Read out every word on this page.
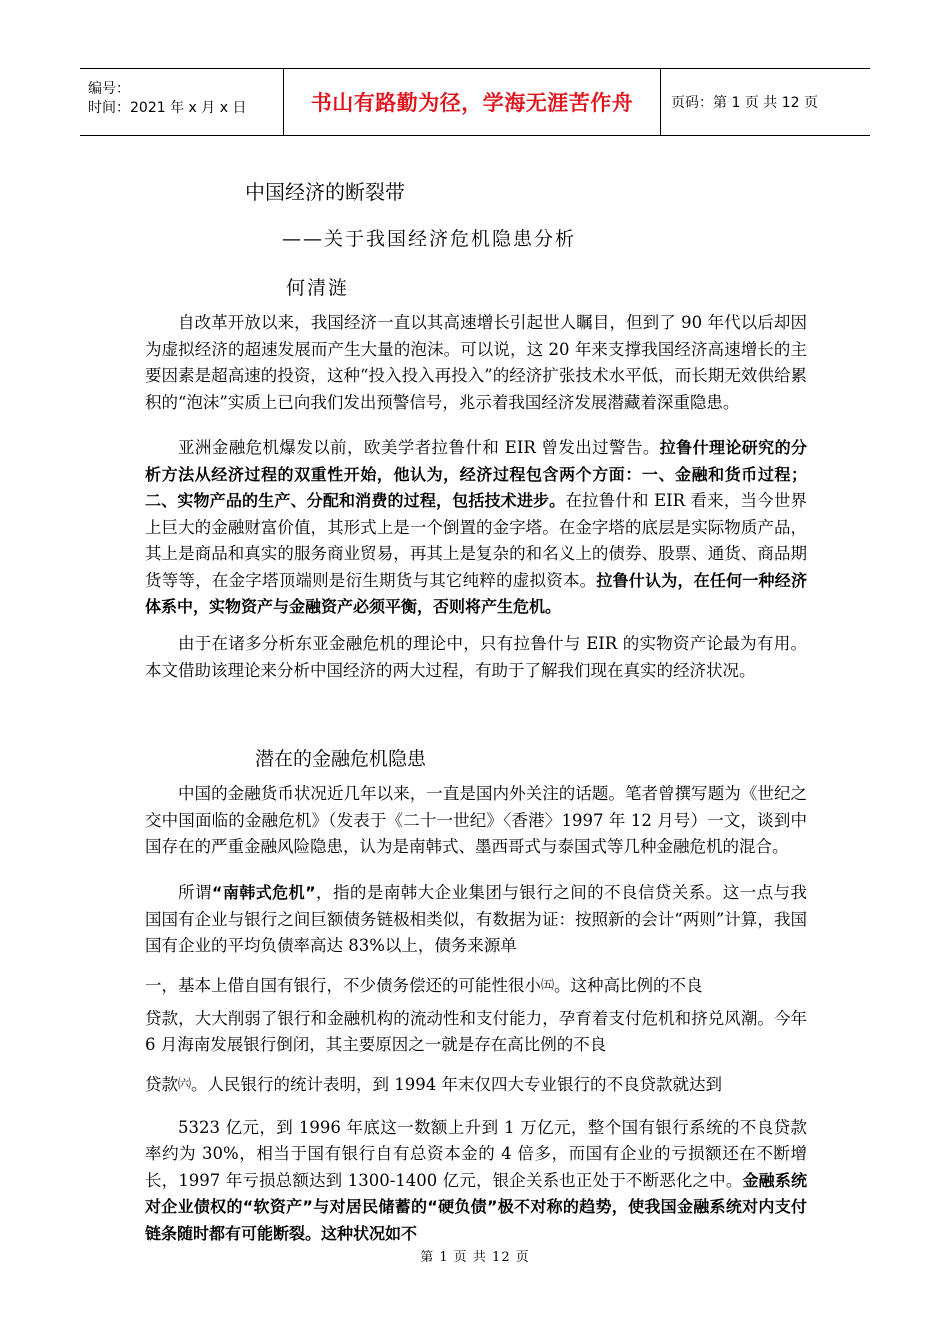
编号：
时间：2021 年 x 月 x 日	书山有路勤为径，学海无涯苦作舟	页码：第 1 页 共 12 页
中国经济的断裂带
——关于我国经济危机隐患分析
何清涟

自改革开放以来，我国经济一直以其高速增长引起世人瞩目，但到了 90 年代以后却因为虚拟经济的超速发展而产生大量的泡沫。可以说，这 20 年来支撑我国经济高速增长的主要因素是超高速的投资，这种“投入投入再投入”的经济扩张技术水平低，而长期无效供给累积的“泡沫”实质上已向我们发出预警信号，兆示着我国经济发展潜藏着深重隐患。

亚洲金融危机爆发以前，欧美学者拉鲁什和 EIR 曾发出过警告。拉鲁什理论研究的分析方法从经济过程的双重性开始，他认为，经济过程包含两个方面：一、金融和货币过程；二、实物产品的生产、分配和消费的过程，包括技术进步。在拉鲁什和 EIR 看来，当今世界上巨大的金融财富价值，其形式上是一个倒置的金字塔。在金字塔的底层是实际物质产品，其上是商品和真实的服务商业贸易，再其上是复杂的和名义上的债券、股票、通货、商品期货等等，在金字塔顶端则是衍生期货与其它纯粹的虚拟资本。拉鲁什认为，在任何一种经济体系中，实物资产与金融资产必须平衡，否则将产生危机。

由于在诸多分析东亚金融危机的理论中，只有拉鲁什与 EIR 的实物资产论最为有用。本文借助该理论来分析中国经济的两大过程，有助于了解我们现在真实的经济状况。

潜在的金融危机隐患

中国的金融货币状况近几年以来，一直是国内外关注的话题。笔者曾撰写题为《世纪之交中国面临的金融危机》（发表于《二十一世纪》〈香港〉1997 年 12 月号）一文，谈到中国存在的严重金融风险隐患，认为是南韩式、墨西哥式与泰国式等几种金融危机的混合。

所谓“南韩式危机”，指的是南韩大企业集团与银行之间的不良信贷关系。这一点与我国国有企业与银行之间巨额债务链极相类似，有数据为证：按照新的会计“两则”计算，我国国有企业的平均负债率高达 83%以上，债务来源单
一，基本上借自国有银行，不少债务偿还的可能性很小$^㈤$。这种高比例的不良
贷款，大大削弱了银行和金融机构的流动性和支付能力，孕育着支付危机和挤兑风潮。今年 6 月海南发展银行倒闭，其主要原因之一就是存在高比例的不良
贷款$^㈥$。人民银行的统计表明，到 1994 年末仅四大专业银行的不良贷款就达到
5323 亿元，到 1996 年底这一数额上升到 1 万亿元，整个国有银行系统的不良贷款率约为 30%，相当于国有银行自有总资本金的 4 倍多，而国有企业的亏损额还在不断增长，1997 年亏损总额达到 1300-1400 亿元，银企关系也正处于不断恶化之中。金融系统对企业债权的“软资产”与对居民储蓄的“硬负债”极不对称的趋势，使我国金融系统对内支付链条随时都有可能断裂。这种状况如不

第 1 页 共 12 页
